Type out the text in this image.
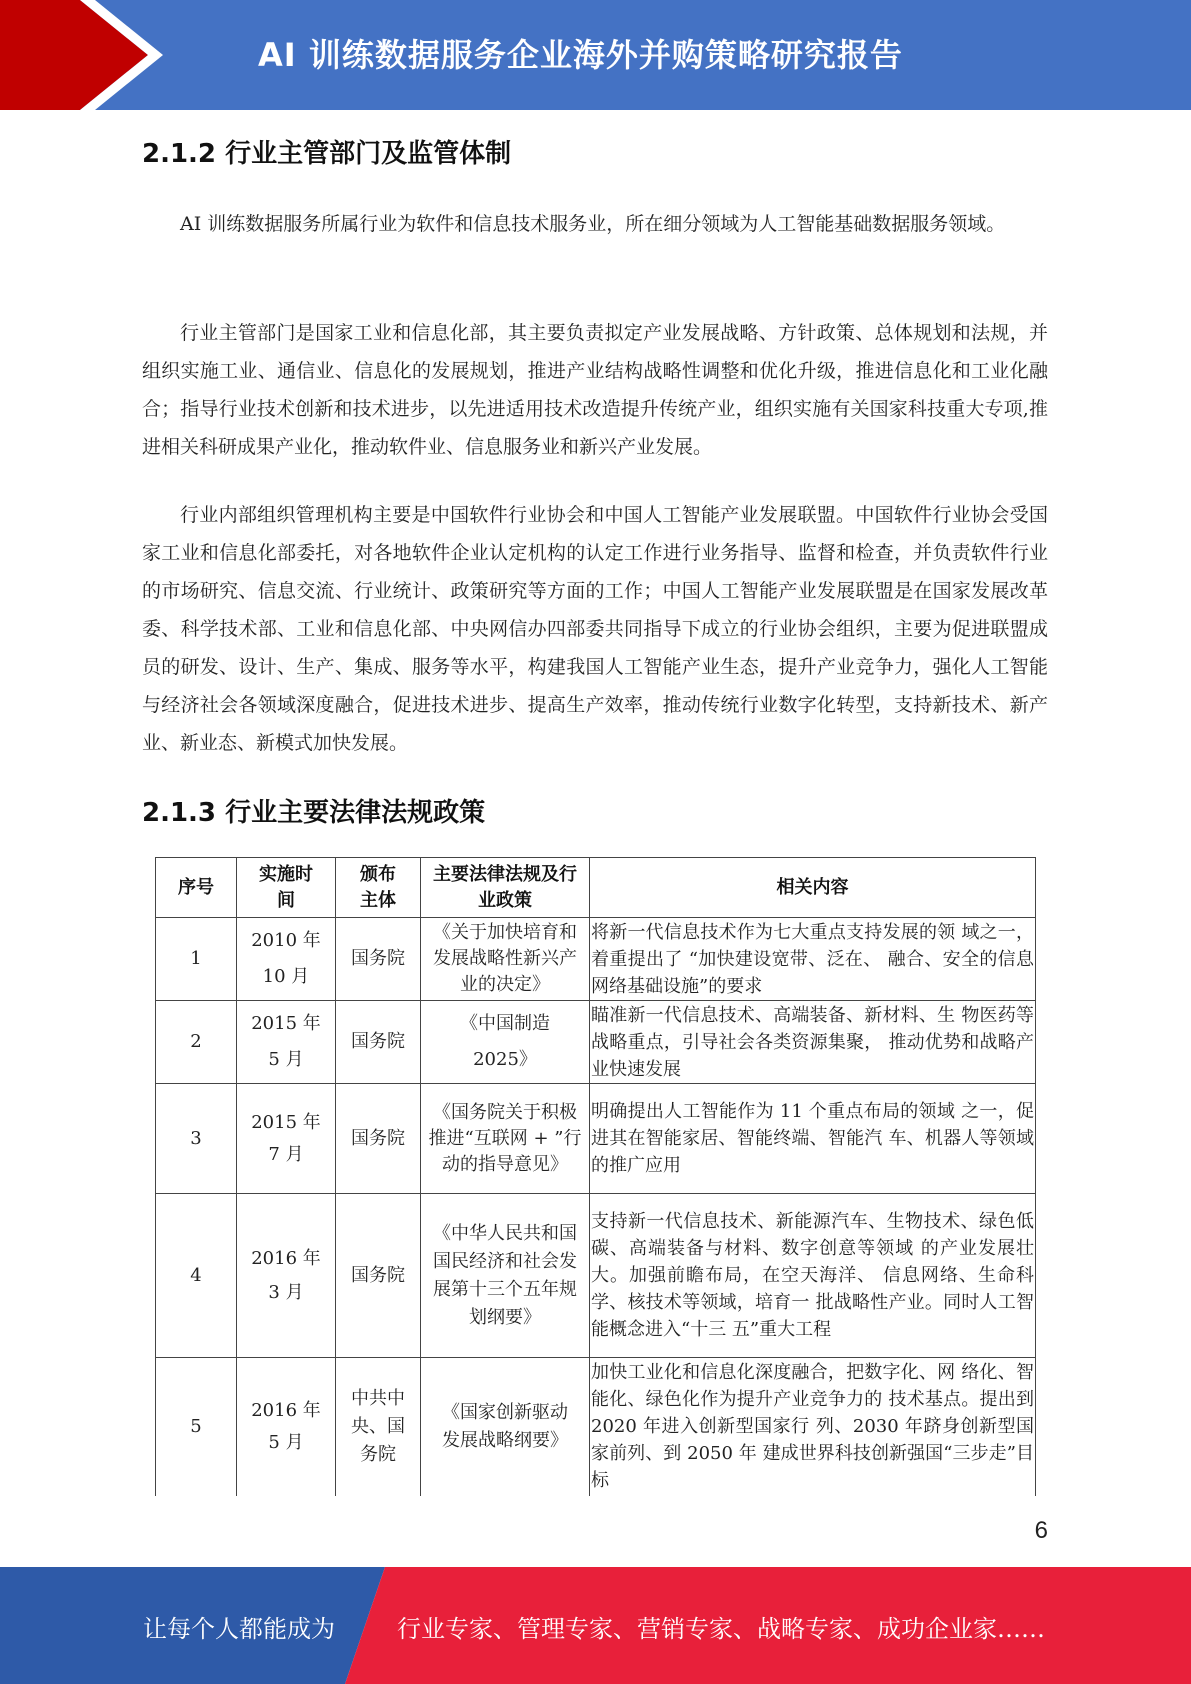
AI 训练数据服务企业海外并购策略研究报告
2.1.2 行业主管部门及监管体制

AI 训练数据服务所属行业为软件和信息技术服务业，所在细分领域为人工智能基础数据服务领域。

行业主管部门是国家工业和信息化部，其主要负责拟定产业发展战略、方针政策、总体规划和法规，并组织实施工业、通信业、信息化的发展规划，推进产业结构战略性调整和优化升级，推进信息化和工业化融合；指导行业技术创新和技术进步，以先进适用技术改造提升传统产业，组织实施有关国家科技重大专项,推进相关科研成果产业化，推动软件业、信息服务业和新兴产业发展。

行业内部组织管理机构主要是中国软件行业协会和中国人工智能产业发展联盟。中国软件行业协会受国家工业和信息化部委托，对各地软件企业认定机构的认定工作进行业务指导、监督和检查，并负责软件行业的市场研究、信息交流、行业统计、政策研究等方面的工作；中国人工智能产业发展联盟是在国家发展改革委、科学技术部、工业和信息化部、中央网信办四部委共同指导下成立的行业协会组织，主要为促进联盟成员的研发、设计、生产、集成、服务等水平，构建我国人工智能产业生态，提升产业竞争力，强化人工智能与经济社会各领域深度融合，促进技术进步、提高生产效率，推动传统行业数字化转型，支持新技术、新产业、新业态、新模式加快发展。

2.1.3 行业主要法律法规政策
序号	实施时间	颁布主体	主要法律法规及行业政策	相关内容
1	2010 年 10 月	国务院	《关于加快培育和发展战略性新兴产业的决定》	将新一代信息技术作为七大重点支持发展的领 域之一，着重提出了 “加快建设宽带、泛在、 融合、安全的信息网络基础设施”的要求
2	2015 年 5 月	国务院	《中国制造 2025》	瞄准新一代信息技术、高端装备、新材料、生 物医药等战略重点，引导社会各类资源集聚， 推动优势和战略产业快速发展
3	2015 年 7 月	国务院	《国务院关于积极推进“互联网 + ”行动的指导意见》	明确提出人工智能作为 11 个重点布局的领域 之一，促进其在智能家居、智能终端、智能汽 车、机器人等领域的推广应用
4	2016 年 3 月	国务院	《中华人民共和国国民经济和社会发展第十三个五年规划纲要》	支持新一代信息技术、新能源汽车、生物技术、绿色低碳、高端装备与材料、数字创意等领域 的产业发展壮大。加强前瞻布局，在空天海洋、 信息网络、生命科学、核技术等领域，培育一 批战略性产业。同时人工智能概念进入“十三 五”重大工程
5	2016 年 5 月	中共中央、国务院	《国家创新驱动发展战略纲要》	加快工业化和信息化深度融合，把数字化、网 络化、智能化、绿色化作为提升产业竞争力的 技术基点。提出到 2020 年进入创新型国家行 列、2030 年跻身创新型国家前列、到 2050 年 建成世界科技创新强国“三步走”目标
6
让每个人都能成为	行业专家、管理专家、营销专家、战略专家、成功企业家……
